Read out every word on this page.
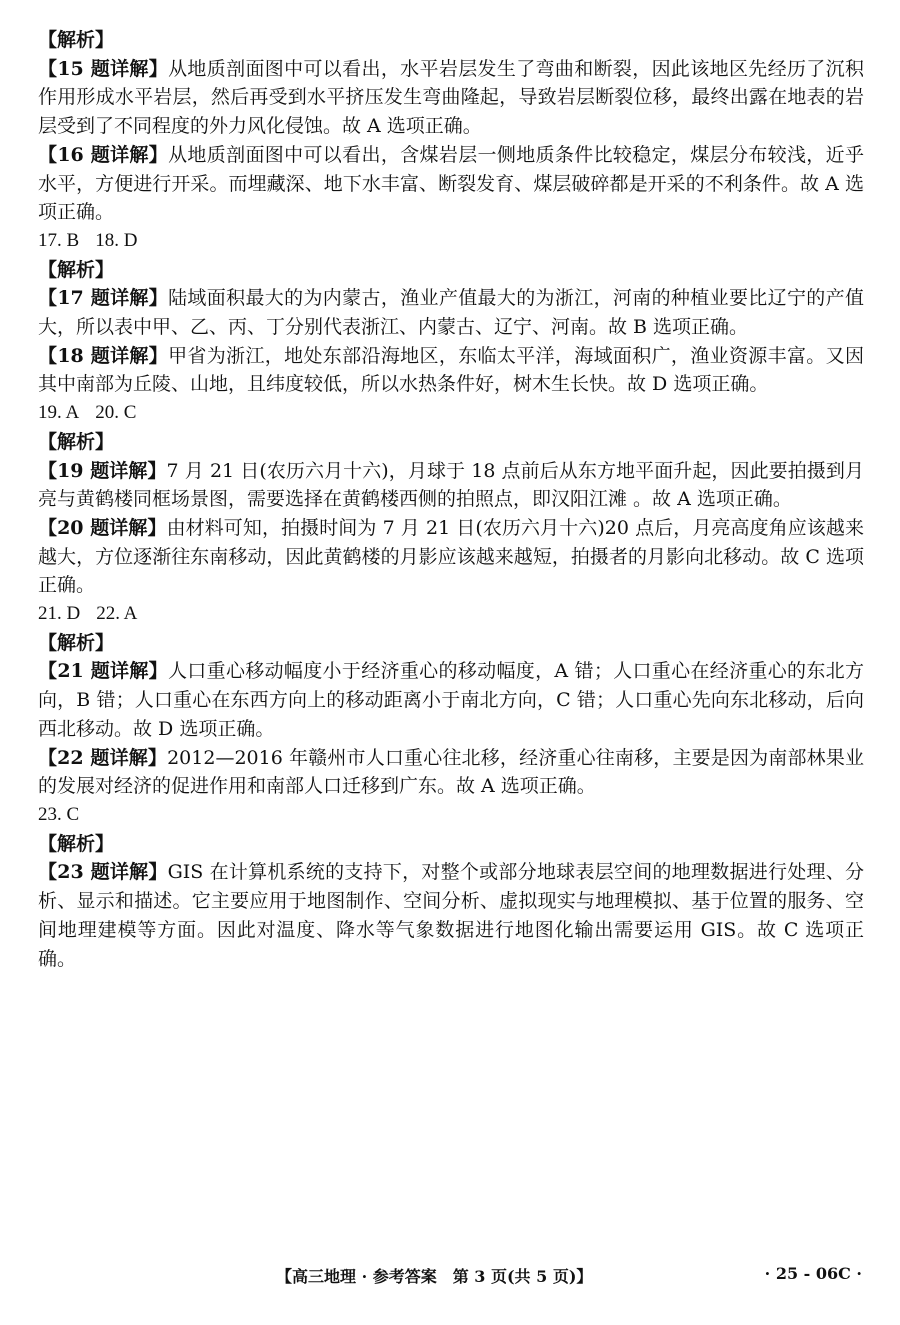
【解析】

【15 题详解】从地质剖面图中可以看出，水平岩层发生了弯曲和断裂，因此该地区先经历了沉积作用形成水平岩层，然后再受到水平挤压发生弯曲隆起，导致岩层断裂位移，最终出露在地表的岩层受到了不同程度的外力风化侵蚀。故 A 选项正确。

【16 题详解】从地质剖面图中可以看出，含煤岩层一侧地质条件比较稳定，煤层分布较浅，近乎水平，方便进行开采。而埋藏深、地下水丰富、断裂发育、煤层破碎都是开采的不利条件。故 A 选项正确。

17. B 18. D

【解析】

【17 题详解】陆域面积最大的为内蒙古，渔业产值最大的为浙江，河南的种植业要比辽宁的产值大，所以表中甲、乙、丙、丁分别代表浙江、内蒙古、辽宁、河南。故 B 选项正确。

【18 题详解】甲省为浙江，地处东部沿海地区，东临太平洋，海域面积广，渔业资源丰富。又因其中南部为丘陵、山地，且纬度较低，所以水热条件好，树木生长快。故 D 选项正确。

19. A 20. C

【解析】

【19 题详解】7 月 21 日(农历六月十六)，月球于 18 点前后从东方地平面升起，因此要拍摄到月亮与黄鹤楼同框场景图，需要选择在黄鹤楼西侧的拍照点，即汉阳江滩 。故 A 选项正确。

【20 题详解】由材料可知，拍摄时间为 7 月 21 日(农历六月十六)20 点后，月亮高度角应该越来越大，方位逐渐往东南移动，因此黄鹤楼的月影应该越来越短，拍摄者的月影向北移动。故 C 选项正确。

21. D 22. A

【解析】

【21 题详解】人口重心移动幅度小于经济重心的移动幅度，A 错；人口重心在经济重心的东北方向，B 错；人口重心在东西方向上的移动距离小于南北方向，C 错；人口重心先向东北移动，后向西北移动。故 D 选项正确。

【22 题详解】2012—2016 年赣州市人口重心往北移，经济重心往南移，主要是因为南部林果业的发展对经济的促进作用和南部人口迁移到广东。故 A 选项正确。

23. C

【解析】

【23 题详解】GIS 在计算机系统的支持下，对整个或部分地球表层空间的地理数据进行处理、分析、显示和描述。它主要应用于地图制作、空间分析、虚拟现实与地理模拟、基于位置的服务、空间地理建模等方面。因此对温度、降水等气象数据进行地图化输出需要运用 GIS。故 C 选项正确。

【高三地理 · 参考答案　第 3 页(共 5 页)】	· 25 - 06C ·
